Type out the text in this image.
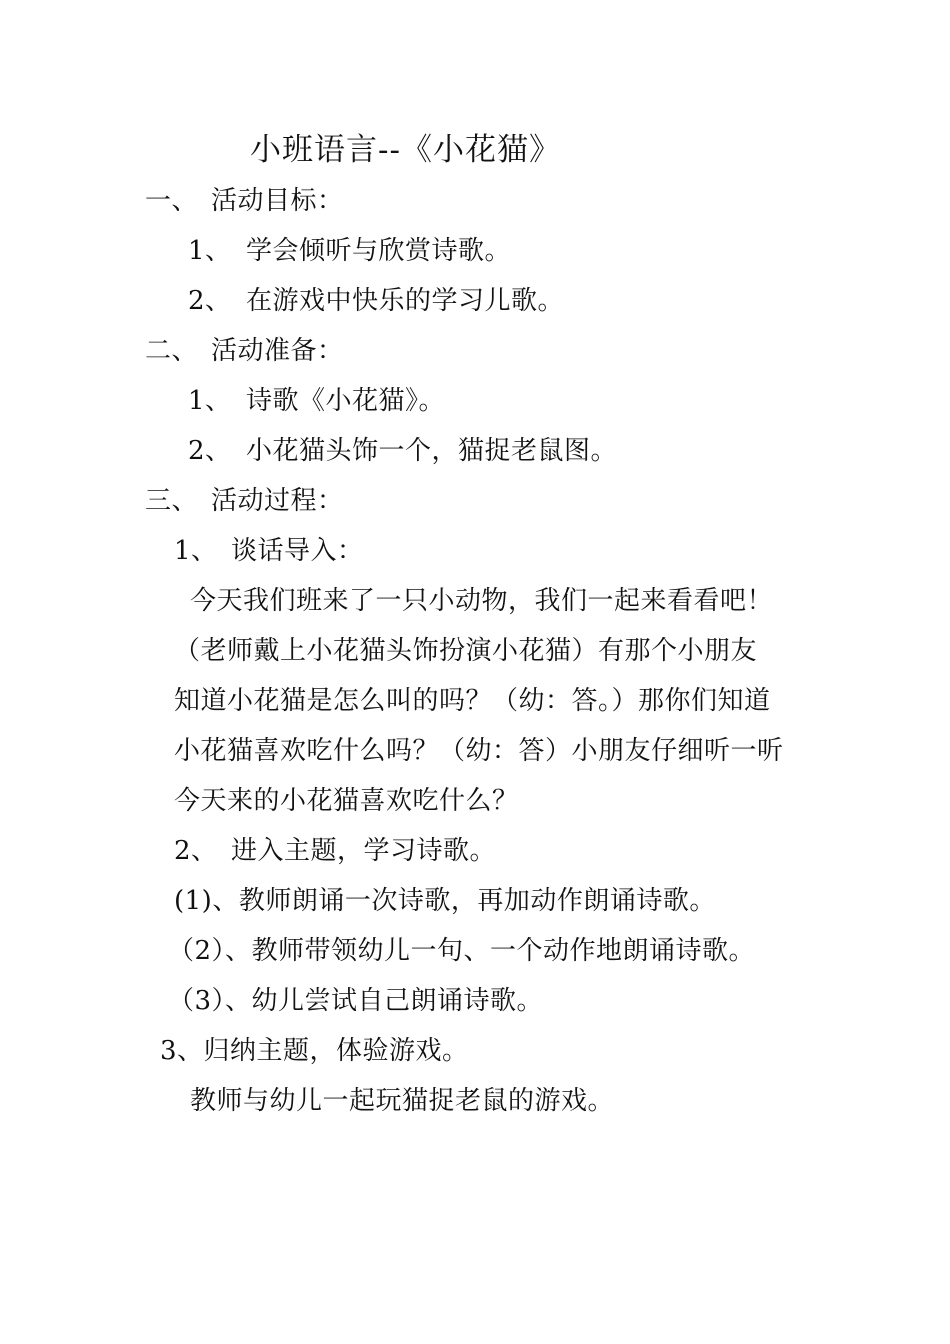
小班语言--《小花猫》
一、 活动目标：
1、 学会倾听与欣赏诗歌。
2、 在游戏中快乐的学习儿歌。
二、 活动准备：
1、 诗歌《小花猫》。
2、 小花猫头饰一个，猫捉老鼠图。
三、 活动过程：
1、 谈话导入：
今天我们班来了一只小动物，我们一起来看看吧！
（老师戴上小花猫头饰扮演小花猫）有那个小朋友
知道小花猫是怎么叫的吗？（幼：答。）那你们知道
小花猫喜欢吃什么吗？（幼：答）小朋友仔细听一听
今天来的小花猫喜欢吃什么？
2、 进入主题，学习诗歌。
(1)、教师朗诵一次诗歌，再加动作朗诵诗歌。
（2）、教师带领幼儿一句、一个动作地朗诵诗歌。
（3）、幼儿尝试自己朗诵诗歌。
3、归纳主题，体验游戏。
教师与幼儿一起玩猫捉老鼠的游戏。
